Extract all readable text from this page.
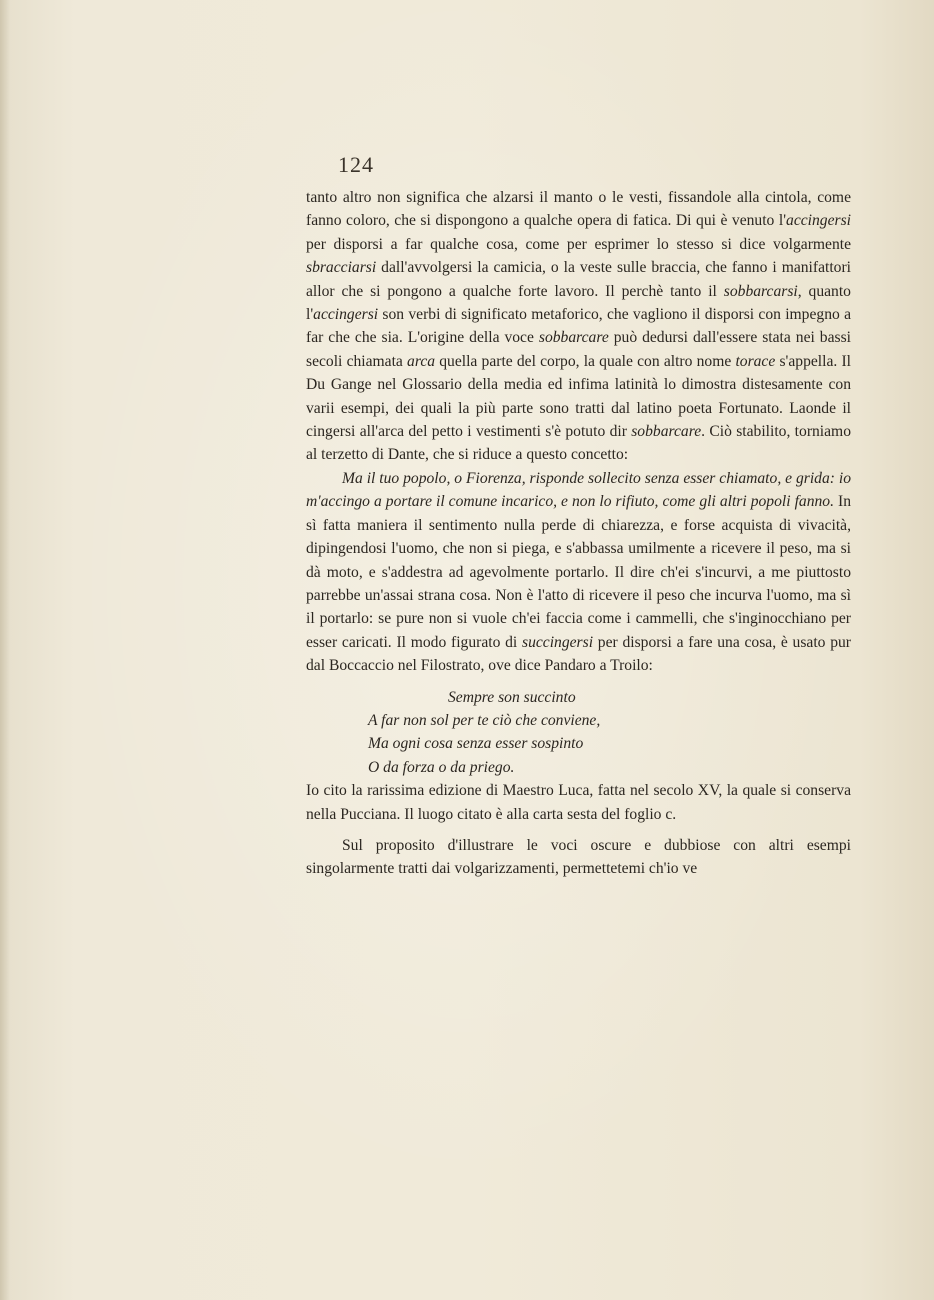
124

tanto altro non significa che alzarsi il manto o le vesti, fissandole alla cintola, come fanno coloro, che si dispongono a qualche opera di fatica. Di qui è venuto l'accingersi per disporsi a far qualche cosa, come per esprimer lo stesso si dice volgarmente sbracciarsi dall'avvolgersi la camicia, o la veste sulle braccia, che fanno i manifattori allor che si pongono a qualche forte lavoro. Il perchè tanto il sobbarcarsi, quanto l'accingersi son verbi di significato metaforico, che vagliono il disporsi con impegno a far che che sia. L'origine della voce sobbarcare può dedursi dall'essere stata nei bassi secoli chiamata arca quella parte del corpo, la quale con altro nome torace s'appella. Il Du Gange nel Glossario della media ed infima latinità lo dimostra distesamente con varii esempi, dei quali la più parte sono tratti dal latino poeta Fortunato. Laonde il cingersi all'arca del petto i vestimenti s'è potuto dir sobbarcare. Ciò stabilito, torniamo al terzetto di Dante, che si riduce a questo concetto:

Ma il tuo popolo, o Fiorenza, risponde sollecito senza esser chiamato, e grida: io m'accingo a portare il comune incarico, e non lo rifiuto, come gli altri popoli fanno. In sì fatta maniera il sentimento nulla perde di chiarezza, e forse acquista di vivacità, dipingendosi l'uomo, che non si piega, e s'abbassa umilmente a ricevere il peso, ma si dà moto, e s'addestra ad agevolmente portarlo. Il dire ch'ei s'incurvi, a me piuttosto parrebbe un'assai strana cosa. Non è l'atto di ricevere il peso che incurva l'uomo, ma sì il portarlo: se pure non si vuole ch'ei faccia come i cammelli, che s'inginocchiano per esser caricati. Il modo figurato di succingersi per disporsi a fare una cosa, è usato pur dal Boccaccio nel Filostrato, ove dice Pandaro a Troilo:

Sempre son succinto
A far non sol per te ciò che conviene,
Ma ogni cosa senza esser sospinto
O da forza o da priego.

Io cito la rarissima edizione di Maestro Luca, fatta nel secolo XV, la quale si conserva nella Pucciana. Il luogo citato è alla carta sesta del foglio c.

Sul proposito d'illustrare le voci oscure e dubbiose con altri esempi singolarmente tratti dai volgarizzamenti, permettetemi ch'io ve
